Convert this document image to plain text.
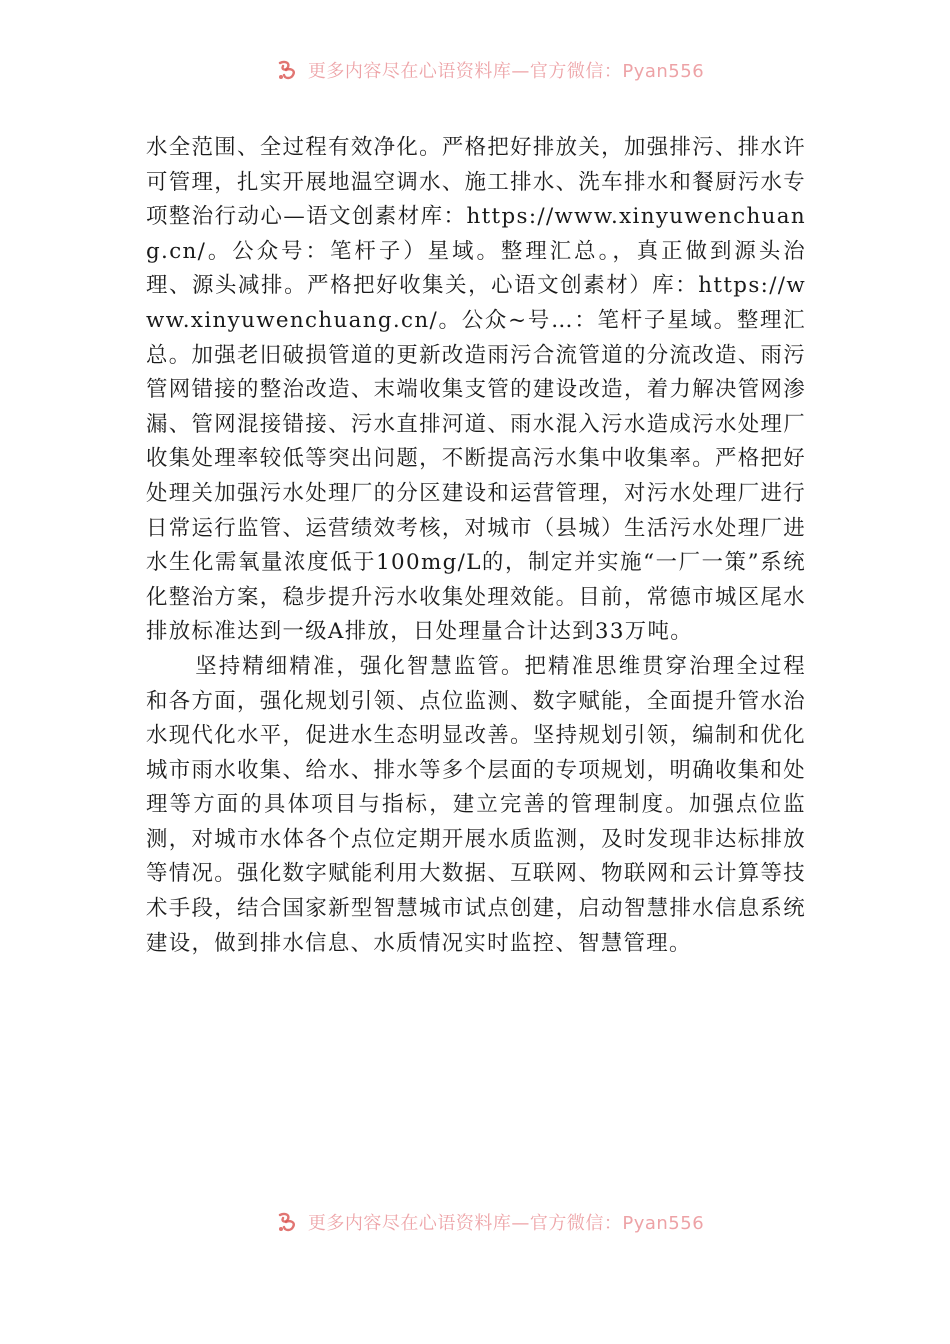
更多内容尽在心语资料库—官方微信：Pyan556

水全范围、全过程有效净化。严格把好排放关，加强排污、排水许可管理，扎实开展地温空调水、施工排水、洗车排水和餐厨污水专项整治行动心—语文创素材库：https://www.xinyuwenchuang.cn/。公众号：笔杆子）星域。整理汇总。，真正做到源头治理、源头减排。严格把好收集关，心语文创素材）库：https://www.xinyuwenchuang.cn/。公众~号…：笔杆子星域。整理汇总。加强老旧破损管道的更新改造雨污合流管道的分流改造、雨污管网错接的整治改造、末端收集支管的建设改造，着力解决管网渗漏、管网混接错接、污水直排河道、雨水混入污水造成污水处理厂收集处理率较低等突出问题，不断提高污水集中收集率。严格把好处理关加强污水处理厂的分区建设和运营管理，对污水处理厂进行日常运行监管、运营绩效考核，对城市（县城）生活污水处理厂进水生化需氧量浓度低于100mg/L的，制定并实施“一厂一策”系统化整治方案，稳步提升污水收集处理效能。目前，常德市城区尾水排放标准达到一级A排放，日处理量合计达到33万吨。

坚持精细精准，强化智慧监管。把精准思维贯穿治理全过程和各方面，强化规划引领、点位监测、数字赋能，全面提升管水治水现代化水平，促进水生态明显改善。坚持规划引领，编制和优化城市雨水收集、给水、排水等多个层面的专项规划，明确收集和处理等方面的具体项目与指标，建立完善的管理制度。加强点位监测，对城市水体各个点位定期开展水质监测，及时发现非达标排放等情况。强化数字赋能利用大数据、互联网、物联网和云计算等技术手段，结合国家新型智慧城市试点创建，启动智慧排水信息系统建设，做到排水信息、水质情况实时监控、智慧管理。

更多内容尽在心语资料库—官方微信：Pyan556
